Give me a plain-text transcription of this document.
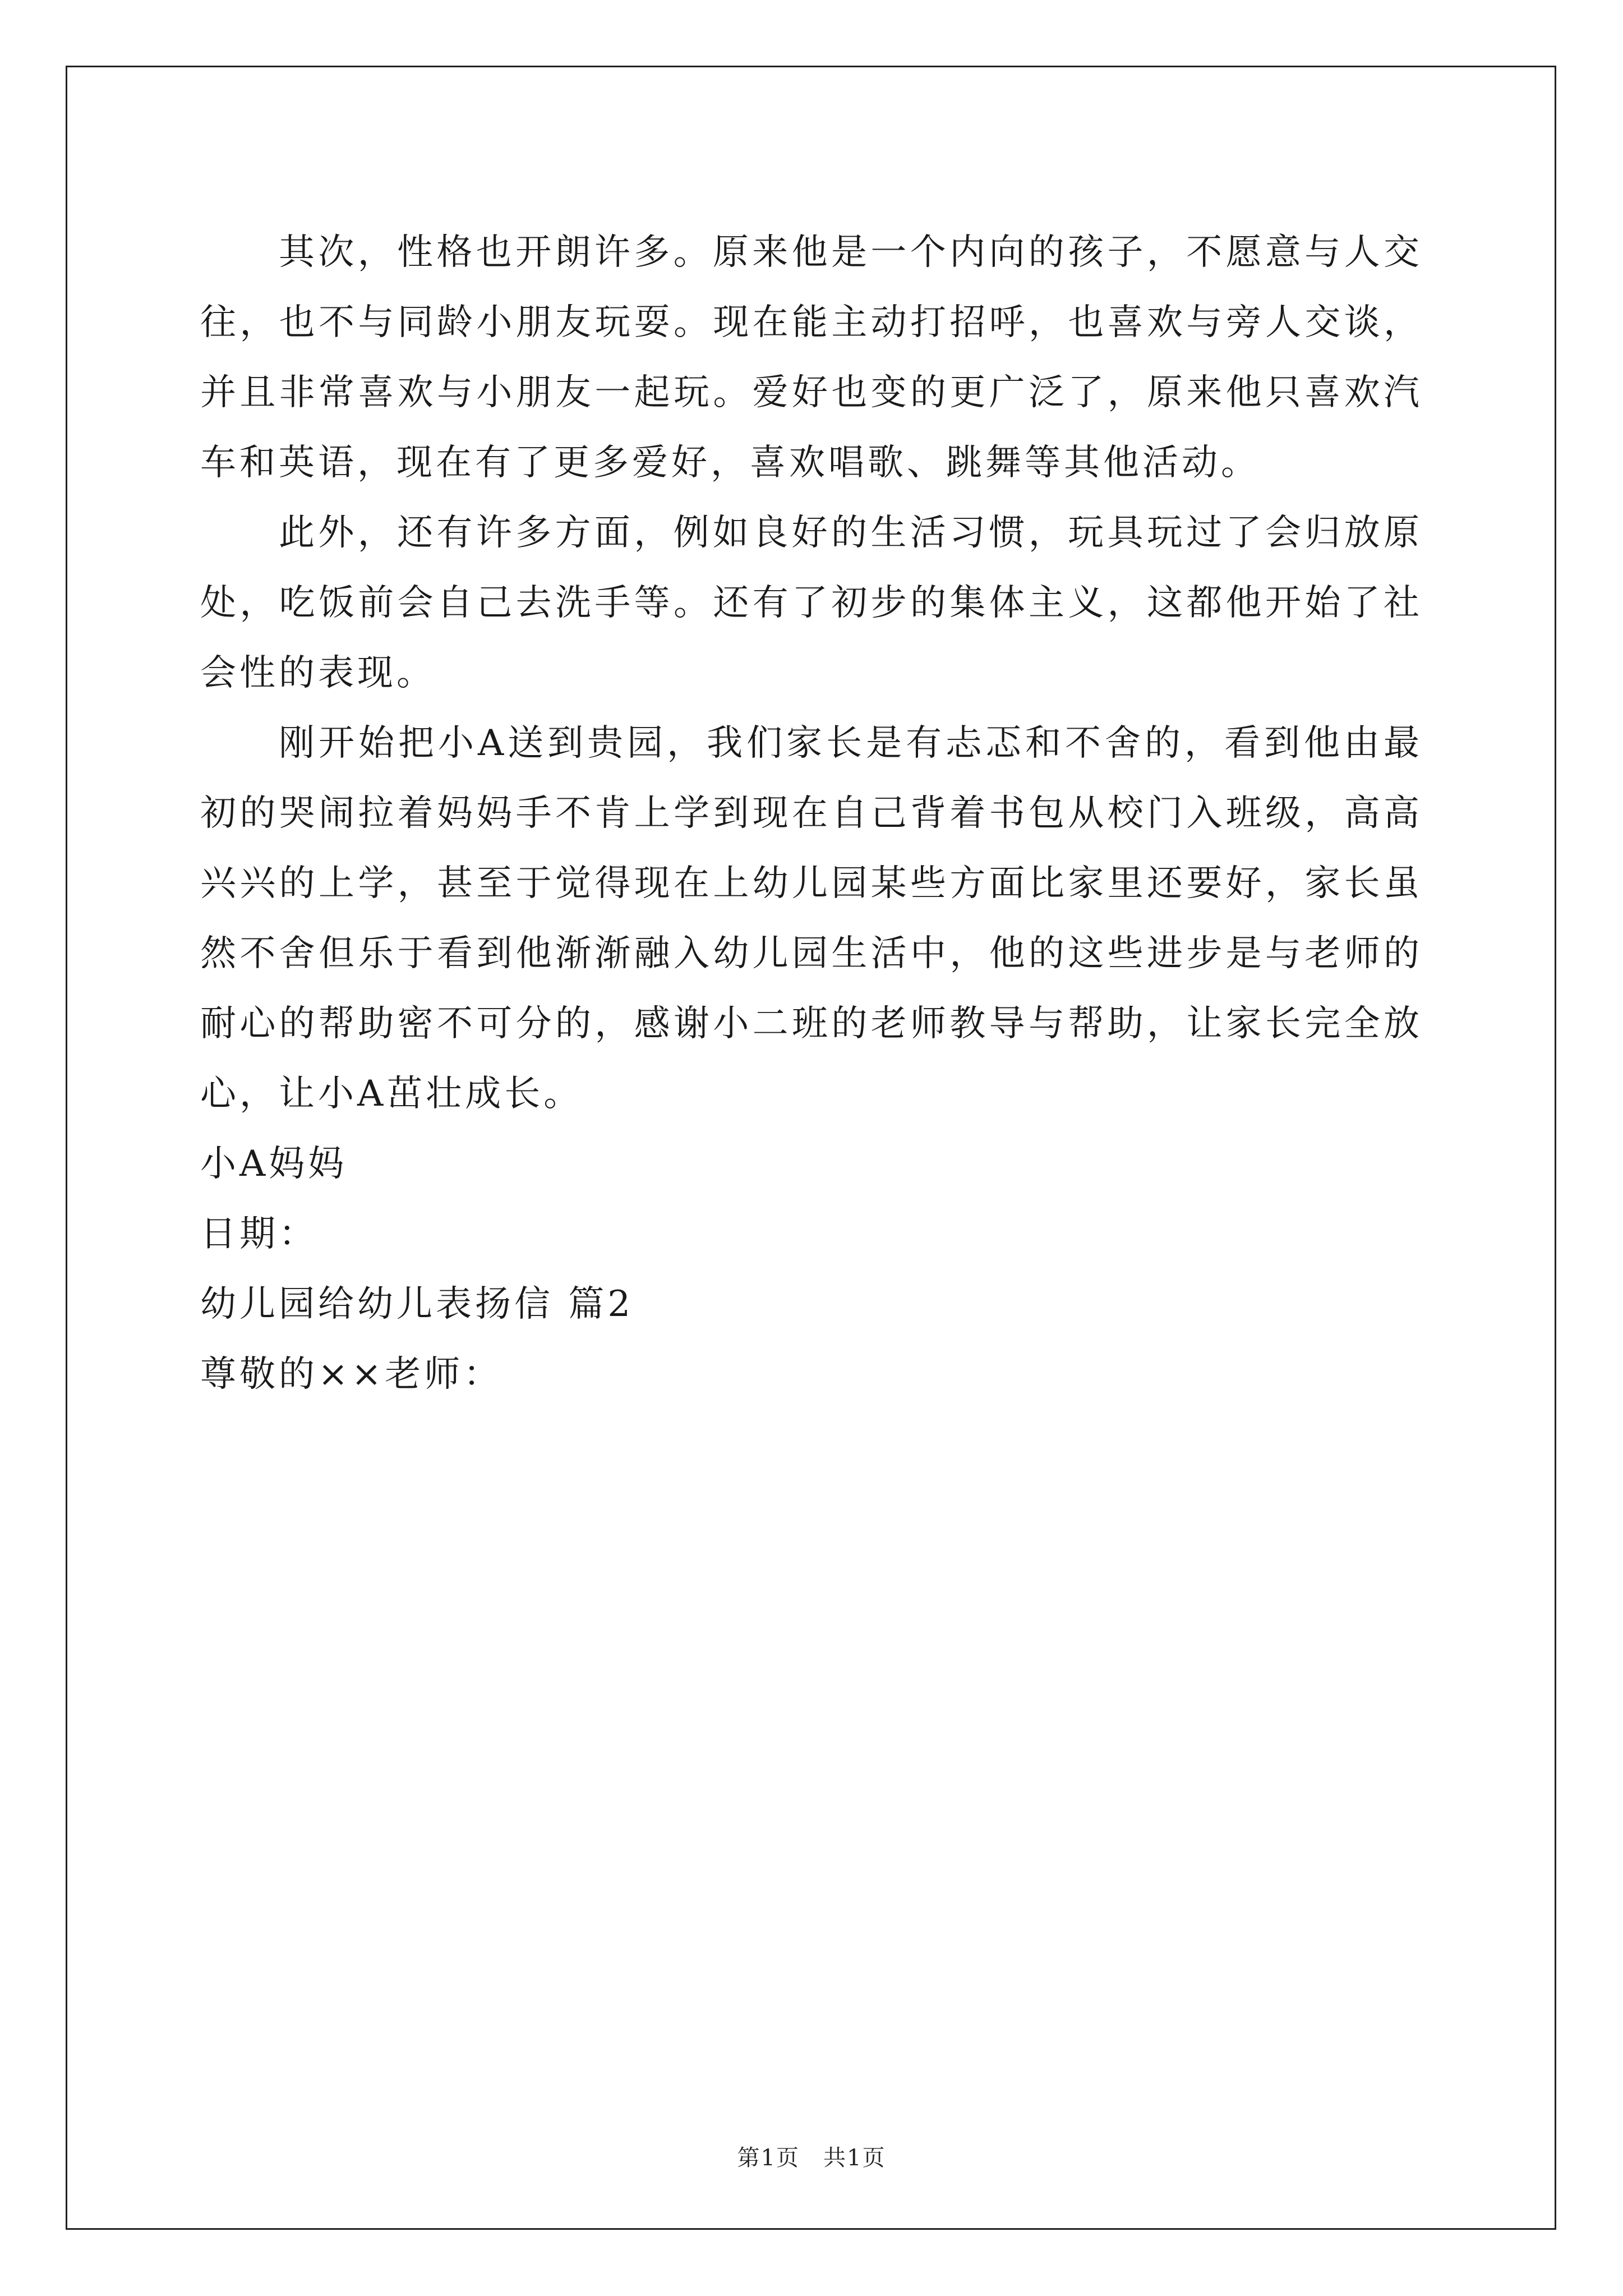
其次，性格也开朗许多。原来他是一个内向的孩子，不愿意与人交往，也不与同龄小朋友玩耍。现在能主动打招呼，也喜欢与旁人交谈，并且非常喜欢与小朋友一起玩。爱好也变的更广泛了，原来他只喜欢汽车和英语，现在有了更多爱好，喜欢唱歌、跳舞等其他活动。

此外，还有许多方面，例如良好的生活习惯，玩具玩过了会归放原处，吃饭前会自己去洗手等。还有了初步的集体主义，这都他开始了社会性的表现。

刚开始把小A送到贵园，我们家长是有忐忑和不舍的，看到他由最初的哭闹拉着妈妈手不肯上学到现在自己背着书包从校门入班级，高高兴兴的上学，甚至于觉得现在上幼儿园某些方面比家里还要好，家长虽然不舍但乐于看到他渐渐融入幼儿园生活中，他的这些进步是与老师的耐心的帮助密不可分的，感谢小二班的老师教导与帮助，让家长完全放心，让小A茁壮成长。

小A妈妈

日期：

幼儿园给幼儿表扬信 篇2

尊敬的××老师：

第1页　共1页
